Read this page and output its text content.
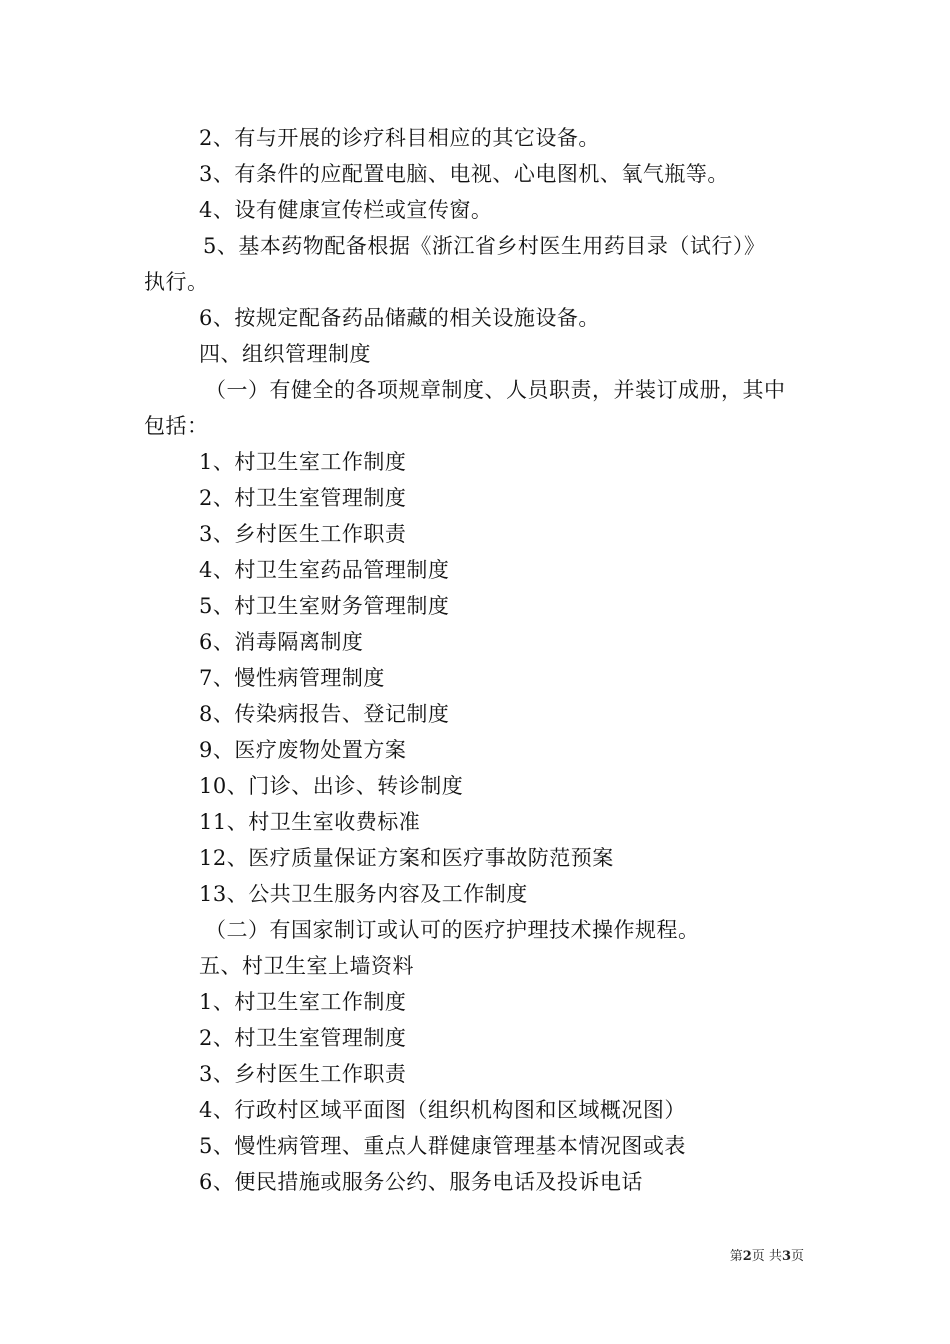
2、有与开展的诊疗科目相应的其它设备。
3、有条件的应配置电脑、电视、心电图机、氧气瓶等。
4、设有健康宣传栏或宣传窗。
5、基本药物配备根据《浙江省乡村医生用药目录（试行）》
执行。
6、按规定配备药品储藏的相关设施设备。
四、组织管理制度
（一）有健全的各项规章制度、人员职责，并装订成册，其中
包括：
1、村卫生室工作制度
2、村卫生室管理制度
3、乡村医生工作职责
4、村卫生室药品管理制度
5、村卫生室财务管理制度
6、消毒隔离制度
7、慢性病管理制度
8、传染病报告、登记制度
9、医疗废物处置方案
10、门诊、出诊、转诊制度
11、村卫生室收费标准
12、医疗质量保证方案和医疗事故防范预案
13、公共卫生服务内容及工作制度
（二）有国家制订或认可的医疗护理技术操作规程。
五、村卫生室上墙资料
1、村卫生室工作制度
2、村卫生室管理制度
3、乡村医生工作职责
4、行政村区域平面图（组织机构图和区域概况图）
5、慢性病管理、重点人群健康管理基本情况图或表
6、便民措施或服务公约、服务电话及投诉电话
第2页 共3页
